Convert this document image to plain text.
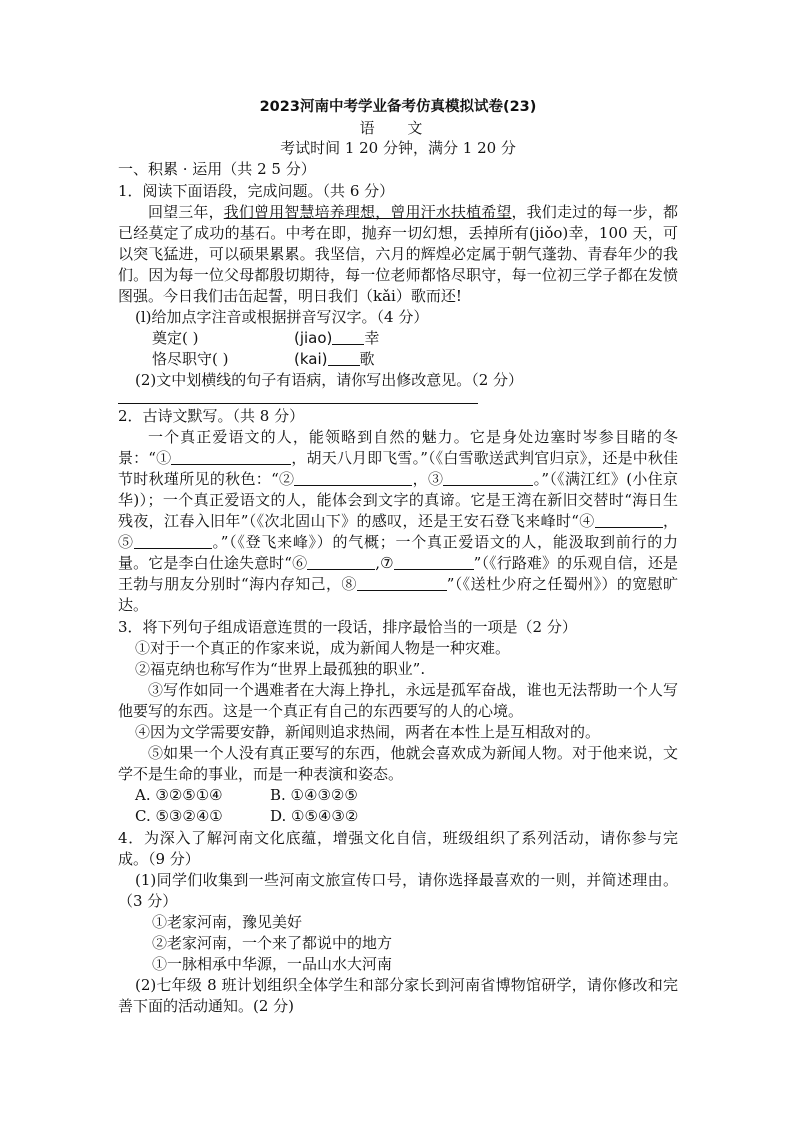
2023河南中考学业备考仿真模拟试卷(23)
语 文
考试时间 1 20 分钟，满分 1 20 分
一、积累 · 运用（共 2 5 分）
1．阅读下面语段，完成问题。（共 6 分）
回望三年，我们曾用智慧培养理想，曾用汗水扶植希望，我们走过的每一步，都已经莫定了成功的基石。中考在即，抛弃一切幻想，丢掉所有(jiǒo)幸，100 天，可以突飞猛进，可以硕果累累。我坚信，六月的辉煌必定属于朝气蓬勃、青春年少的我们。因为每一位父母都殷切期待，每一位老师都恪尽职守，每一位初三学子都在发愤图强。今日我们击缶起誓，明日我们（kǎi）歌而还!
(l)给加点字注音或根据拼音写汉字。（4 分）
奠定( )	(jiao) 幸
恪尽职守( )	(kai) 歌
(2)文中划横线的句子有语病，请你写出修改意见。（2 分）
2．古诗文默写。（共 8 分）
一个真正爱语文的人，能领略到自然的魅力。它是身处边塞时岑参目睹的冬景：“①	，胡天八月即飞雪。”（《白雪歌送武判官归京》，还是中秋佳节时秋瑾所见的秋色：“②	，③	。”（《满江红》(小住京华)）；一个真正爱语文的人，能体会到文字的真谛。它是王湾在新旧交替时“海日生残夜，江春入旧年”（《次北固山下》的感叹，还是王安石登飞来峰时“④	，⑤	。”（《登飞来峰》）的气概；一个真正爱语文的人，能汲取到前行的力量。它是李白仕途失意时“⑥	,⑦	”（《行路难》的乐观自信，还是王勃与朋友分别时“海内存知己，⑧	”（《送杜少府之任蜀州》）的宽慰旷达。
3．将下列句子组成语意连贯的一段话，排序最恰当的一项是（2 分）
①对于一个真正的作家来说，成为新闻人物是一种灾难。
②福克纳也称写作为“世界上最孤独的职业”.
③写作如同一个遇难者在大海上挣扎，永远是孤军奋战，谁也无法帮助一个人写他要写的东西。这是一个真正有自己的东西要写的人的心境。
④因为文学需要安静，新闻则追求热闹，两者在本性上是互相敌对的。
⑤如果一个人没有真正要写的东西，他就会喜欢成为新闻人物。对于他来说，文学不是生命的事业，而是一种表演和姿态。
A. ③②⑤①④	B. ①④③②⑤
C. ⑤③②④①	D. ①⑤④③②
4．为深入了解河南文化底蕴，增强文化自信，班级组织了系列活动，请你参与完成。（9 分）
(1)同学们收集到一些河南文旅宣传口号，请你选择最喜欢的一则，并简述理由。（3 分）
①老家河南，豫见美好
②老家河南，一个来了都说中的地方
①一脉相承中华源，一品山水大河南
(2)七年级 8 班计划组织全体学生和部分家长到河南省博物馆研学，请你修改和完善下面的活动通知。(2 分)
